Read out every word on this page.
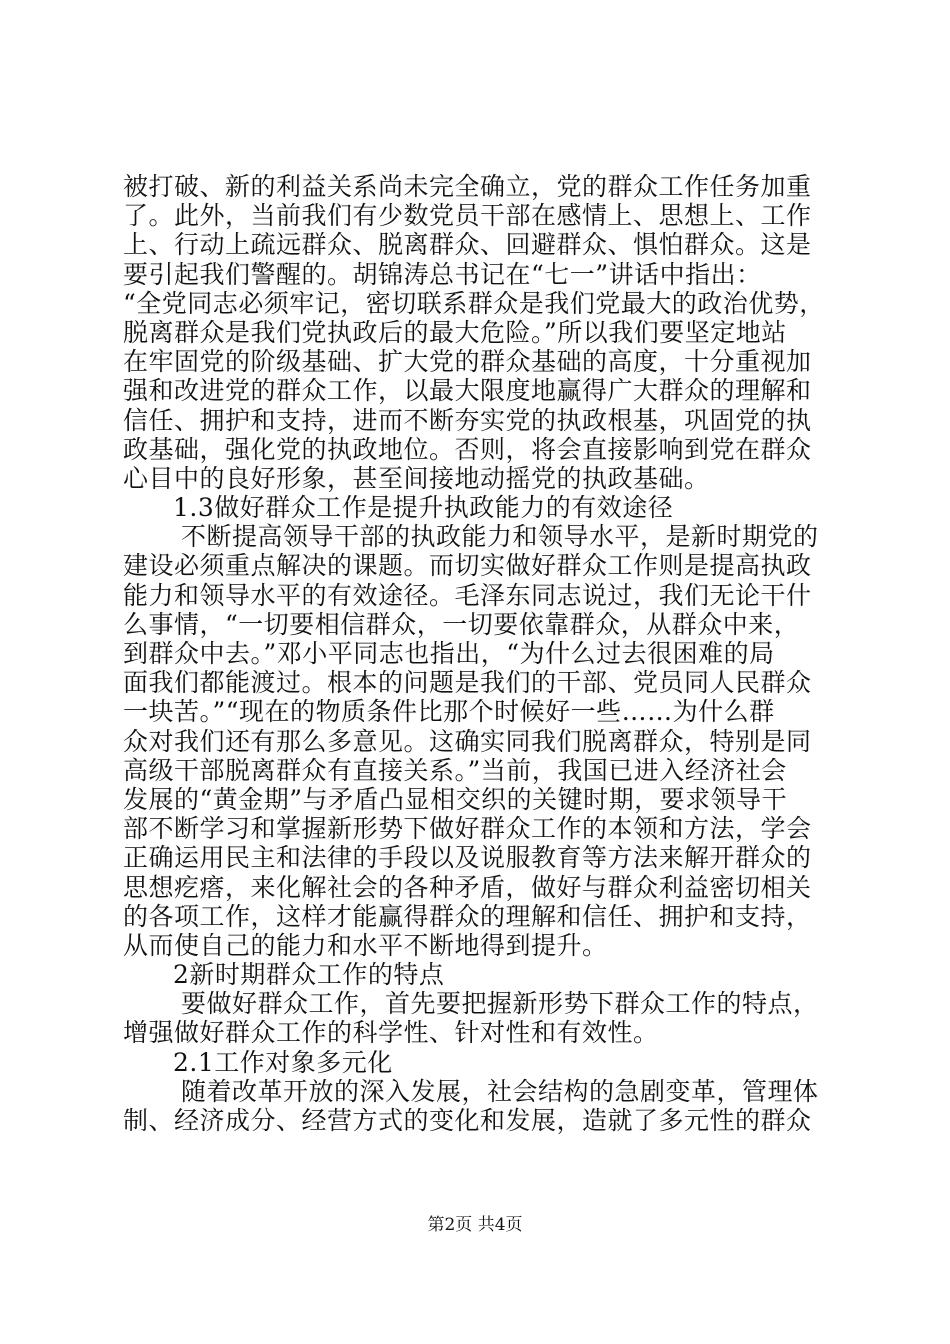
被打破、新的利益关系尚未完全确立，党的群众工作任务加重
了。此外，当前我们有少数党员干部在感情上、思想上、工作
上、行动上疏远群众、脱离群众、回避群众、惧怕群众。这是
要引起我们警醒的。胡锦涛总书记在“七一”讲话中指出：
“全党同志必须牢记，密切联系群众是我们党最大的政治优势，
脱离群众是我们党执政后的最大危险。”所以我们要坚定地站
在牢固党的阶级基础、扩大党的群众基础的高度，十分重视加
强和改进党的群众工作，以最大限度地赢得广大群众的理解和
信任、拥护和支持，进而不断夯实党的执政根基，巩固党的执
政基础，强化党的执政地位。否则，将会直接影响到党在群众
心目中的良好形象，甚至间接地动摇党的执政基础。
1.3做好群众工作是提升执政能力的有效途径
不断提高领导干部的执政能力和领导水平，是新时期党的
建设必须重点解决的课题。而切实做好群众工作则是提高执政
能力和领导水平的有效途径。毛泽东同志说过，我们无论干什
么事情，“一切要相信群众，一切要依靠群众，从群众中来，
到群众中去。”邓小平同志也指出，“为什么过去很困难的局
面我们都能渡过。根本的问题是我们的干部、党员同人民群众
一块苦。”“现在的物质条件比那个时候好一些……为什么群
众对我们还有那么多意见。这确实同我们脱离群众，特别是同
高级干部脱离群众有直接关系。”当前，我国已进入经济社会
发展的“黄金期”与矛盾凸显相交织的关键时期，要求领导干
部不断学习和掌握新形势下做好群众工作的本领和方法，学会
正确运用民主和法律的手段以及说服教育等方法来解开群众的
思想疙瘩，来化解社会的各种矛盾，做好与群众利益密切相关
的各项工作，这样才能赢得群众的理解和信任、拥护和支持，
从而使自己的能力和水平不断地得到提升。
2新时期群众工作的特点
要做好群众工作，首先要把握新形势下群众工作的特点，
增强做好群众工作的科学性、针对性和有效性。
2.1工作对象多元化
随着改革开放的深入发展，社会结构的急剧变革，管理体
制、经济成分、经营方式的变化和发展，造就了多元性的群众
第2页 共4页
